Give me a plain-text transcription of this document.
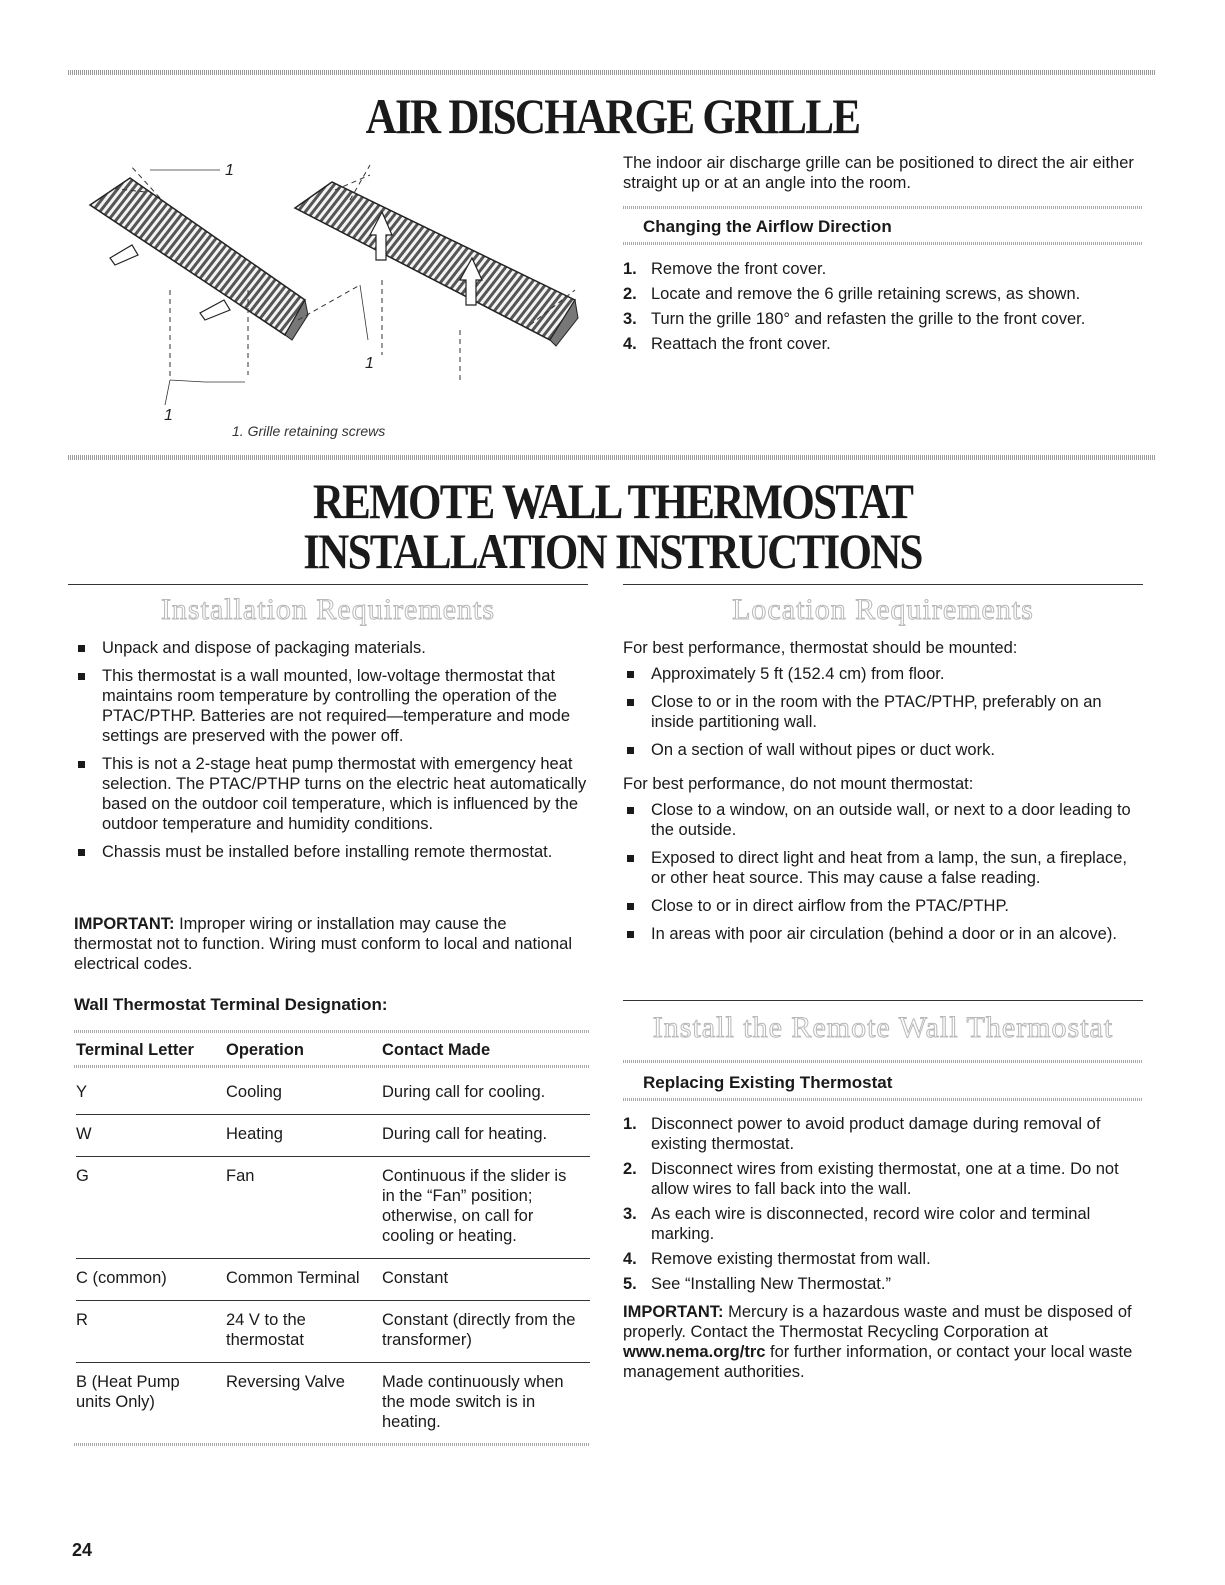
AIR DISCHARGE GRILLE
1
1
1
1. Grille retaining screws
The indoor air discharge grille can be positioned to direct the air either straight up or at an angle into the room.
Changing the Airflow Direction
1. Remove the front cover.
2. Locate and remove the 6 grille retaining screws, as shown.
3. Turn the grille 180° and refasten the grille to the front cover.
4. Reattach the front cover.
REMOTE WALL THERMOSTAT
INSTALLATION INSTRUCTIONS
Installation Requirements
Unpack and dispose of packaging materials.
This thermostat is a wall mounted, low-voltage thermostat that maintains room temperature by controlling the operation of the PTAC/PTHP. Batteries are not required—temperature and mode settings are preserved with the power off.
This is not a 2-stage heat pump thermostat with emergency heat selection. The PTAC/PTHP turns on the electric heat automatically based on the outdoor coil temperature, which is influenced by the outdoor temperature and humidity conditions.
Chassis must be installed before installing remote thermostat.
IMPORTANT: Improper wiring or installation may cause the thermostat not to function. Wiring must conform to local and national electrical codes.
Wall Thermostat Terminal Designation:
Terminal Letter	Operation	Contact Made
Y	Cooling	During call for cooling.
W	Heating	During call for heating.
G	Fan	Continuous if the slider is in the “Fan” position; otherwise, on call for cooling or heating.
C (common)	Common Terminal	Constant
R	24 V to the thermostat	Constant (directly from the transformer)
B (Heat Pump units Only)	Reversing Valve	Made continuously when the mode switch is in heating.
Location Requirements
For best performance, thermostat should be mounted:
Approximately 5 ft (152.4 cm) from floor.
Close to or in the room with the PTAC/PTHP, preferably on an inside partitioning wall.
On a section of wall without pipes or duct work.
For best performance, do not mount thermostat:
Close to a window, on an outside wall, or next to a door leading to the outside.
Exposed to direct light and heat from a lamp, the sun, a fireplace, or other heat source. This may cause a false reading.
Close to or in direct airflow from the PTAC/PTHP.
In areas with poor air circulation (behind a door or in an alcove).
Install the Remote Wall Thermostat
Replacing Existing Thermostat
1. Disconnect power to avoid product damage during removal of existing thermostat.
2. Disconnect wires from existing thermostat, one at a time. Do not allow wires to fall back into the wall.
3. As each wire is disconnected, record wire color and terminal marking.
4. Remove existing thermostat from wall.
5. See “Installing New Thermostat.”
IMPORTANT: Mercury is a hazardous waste and must be disposed of properly. Contact the Thermostat Recycling Corporation at www.nema.org/trc for further information, or contact your local waste management authorities.
24
